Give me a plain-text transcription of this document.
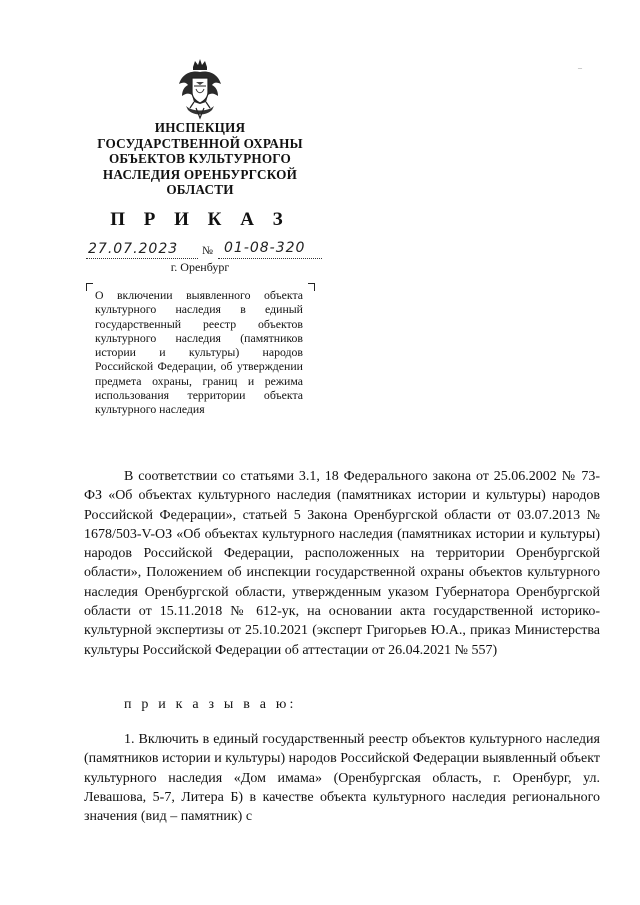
ИНСПЕКЦИЯ
ГОСУДАРСТВЕННОЙ ОХРАНЫ
ОБЪЕКТОВ КУЛЬТУРНОГО
НАСЛЕДИЯ ОРЕНБУРГСКОЙ
ОБЛАСТИ
П Р И К А З
27.07.2023 № 01-08-320
г. Оренбург
О включении выявленного объекта культурного наследия в единый государственный реестр объектов культурного наследия (памятников истории и культуры) народов Российской Федерации, об утверждении предмета охраны, границ и режима использования территории объекта культурного наследия
В соответствии со статьями 3.1, 18 Федерального закона от 25.06.2002 № 73-ФЗ «Об объектах культурного наследия (памятниках истории и культуры) народов Российской Федерации», статьей 5 Закона Оренбургской области от 03.07.2013 № 1678/503-V-ОЗ «Об объектах культурного наследия (памятниках истории и культуры) народов Российской Федерации, расположенных на территории Оренбургской области», Положением об инспекции государственной охраны объектов культурного наследия Оренбургской области, утвержденным указом Губернатора Оренбургской области от 15.11.2018 № 612-ук, на основании акта государственной историко-культурной экспертизы от 25.10.2021 (эксперт Григорьев Ю.А., приказ Министерства культуры Российской Федерации об аттестации от 26.04.2021 № 557)
п р и к а з ы в а ю:
1. Включить в единый государственный реестр объектов культурного наследия (памятников истории и культуры) народов Российской Федерации выявленный объект культурного наследия «Дом имама» (Оренбургская область, г. Оренбург, ул. Левашова, 5-7, Литера Б) в качестве объекта культурного наследия регионального значения (вид – памятник) с
–
